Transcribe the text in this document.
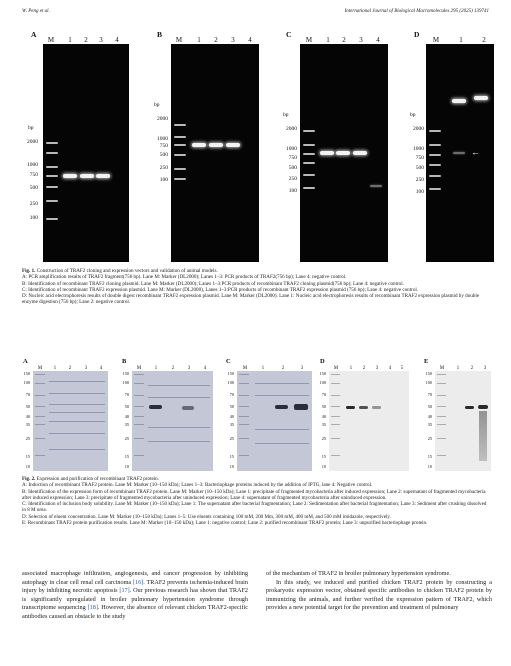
W. Peng et al.	International Journal of Biological Macromolecules 295 (2025) 139741
A
M 1 2 3 4
bp
2000
1000
750
500
250
100
B
M 1 2 3 4
bp
2000
1000
750
500
250
100
C
M 1 2 3 4
bp
2000
1000
750
500
250
100
D
M	1	2
bp
2000
1000
750
500
250
100
←

Fig. 1. Construction of TRAF2 cloning and expression vectors and validation of animal models.

A: PCR amplification results of TRAF2 fragment(756 bp). Lane M: Marker (DL2000); Lanes 1–3: PCR products of TRAF2(756 bp); Lane 4: negative control.

B: Identification of recombinant TRAF2 cloning plasmid. Lane M: Marker (DL2000); Lanes 1–3:PCR products of recombinant TRAF2 cloning plasmid(756 bp); Lane 4: negative control.

C: Identification of recombinant TRAF2 expression plasmid. Lane M: Marker (DL2000), Lanes 1–3:PCR products of recombinant TRAF2 expression plasmid (756 bp); Lane 4: negative control.

D: Nucleic acid electrophoresis results of double digest recombinant TRAF2 expression plasmid. Lane M: Marker (DL2000). Lane 1: Nucleic acid electrophoresis results of recombinant TRAF2 expression plasmid by double enzyme digestion (756 bp); Lane 2: negative control.

A
M 1	2	3	4
150
100
70
50
40
35
25
15
10
B
M	1	2	3	4
150
100
70
50
40
35
25
15
10
C
M	1	2	3
150
100
70
50
40
35
25
15
10
D
M 1 2 3 4 5
150
100
70
50
40
35
25
15
10
E
M	1 2 3
150
100
70
50
40
35
25
15
10

Fig. 2. Expression and purification of recombinant TRAF2 protein.

A: Induction of recombinant TRAF2 protein. Lane M: Marker (10–150 kDa); Lanes 1–3: Bacteriophage proteins induced by the addition of IPTG, lane 4: Negative control.

B: Identification of the expression form of recombinant TRAF2 protein. Lane M: Marker (10–150 kDa); Lane 1: precipitate of fragmented mycobacteria after induced expression; Lane 2: supernatant of fragmented mycobacteria after induced expression; Lane 3: precipitate of fragmented mycobacteria after uninduced expression; Lane 4: supernatant of fragmented mycobacteria after uninduced expression.

C: Identification of inclusion body solubility. Lane M: Marker (10–150 kDa); Lane 1: The supernatant after bacterial fragmentation; Lane 2: Sedimentation after bacterial fragmentation; Lane 3: Sediment after crushing dissolved in 8 M urea.

D: Selection of eluent concentration. Lane M: Marker (10–150 kDa); Lanes 1–5: Use eluents containing 100 mM, 200 Mm, 300 mM, 400 mM, and 500 mM imidazole, respectively.

E: Recombinant TRAF2 protein purification results. Lane M: Marker (10–150 kDa); Lane 1: negative control; Lane 2: purified recombinant TRAF2 protein; Lane 3: unpurified bacteriophage protein.

associated macrophage infiltration, angiogenesis, and cancer progression by inhibiting autophagy in clear cell renal cell carcinoma [16]. TRAF2 prevents ischemia-induced brain injury by inhibiting necrotic apoptosis [17]. Our previous research has shown that TRAF2 is significantly upregulated in broiler pulmonary hypertension syndrome through transcriptome sequencing [18]. However, the absence of relevant chicken TRAF2-specific antibodies caused an obstacle to the study

of the mechanism of TRAF2 in broiler pulmonary hypertension syndrome.

In this study, we induced and purified chicken TRAF2 protein by constructing a prokaryotic expression vector, obtained specific antibodies to chicken TRAF2 protein by immunizing the animals, and further verified the expression pattern of TRAF2, which provides a new potential target for the prevention and treatment of pulmonary
